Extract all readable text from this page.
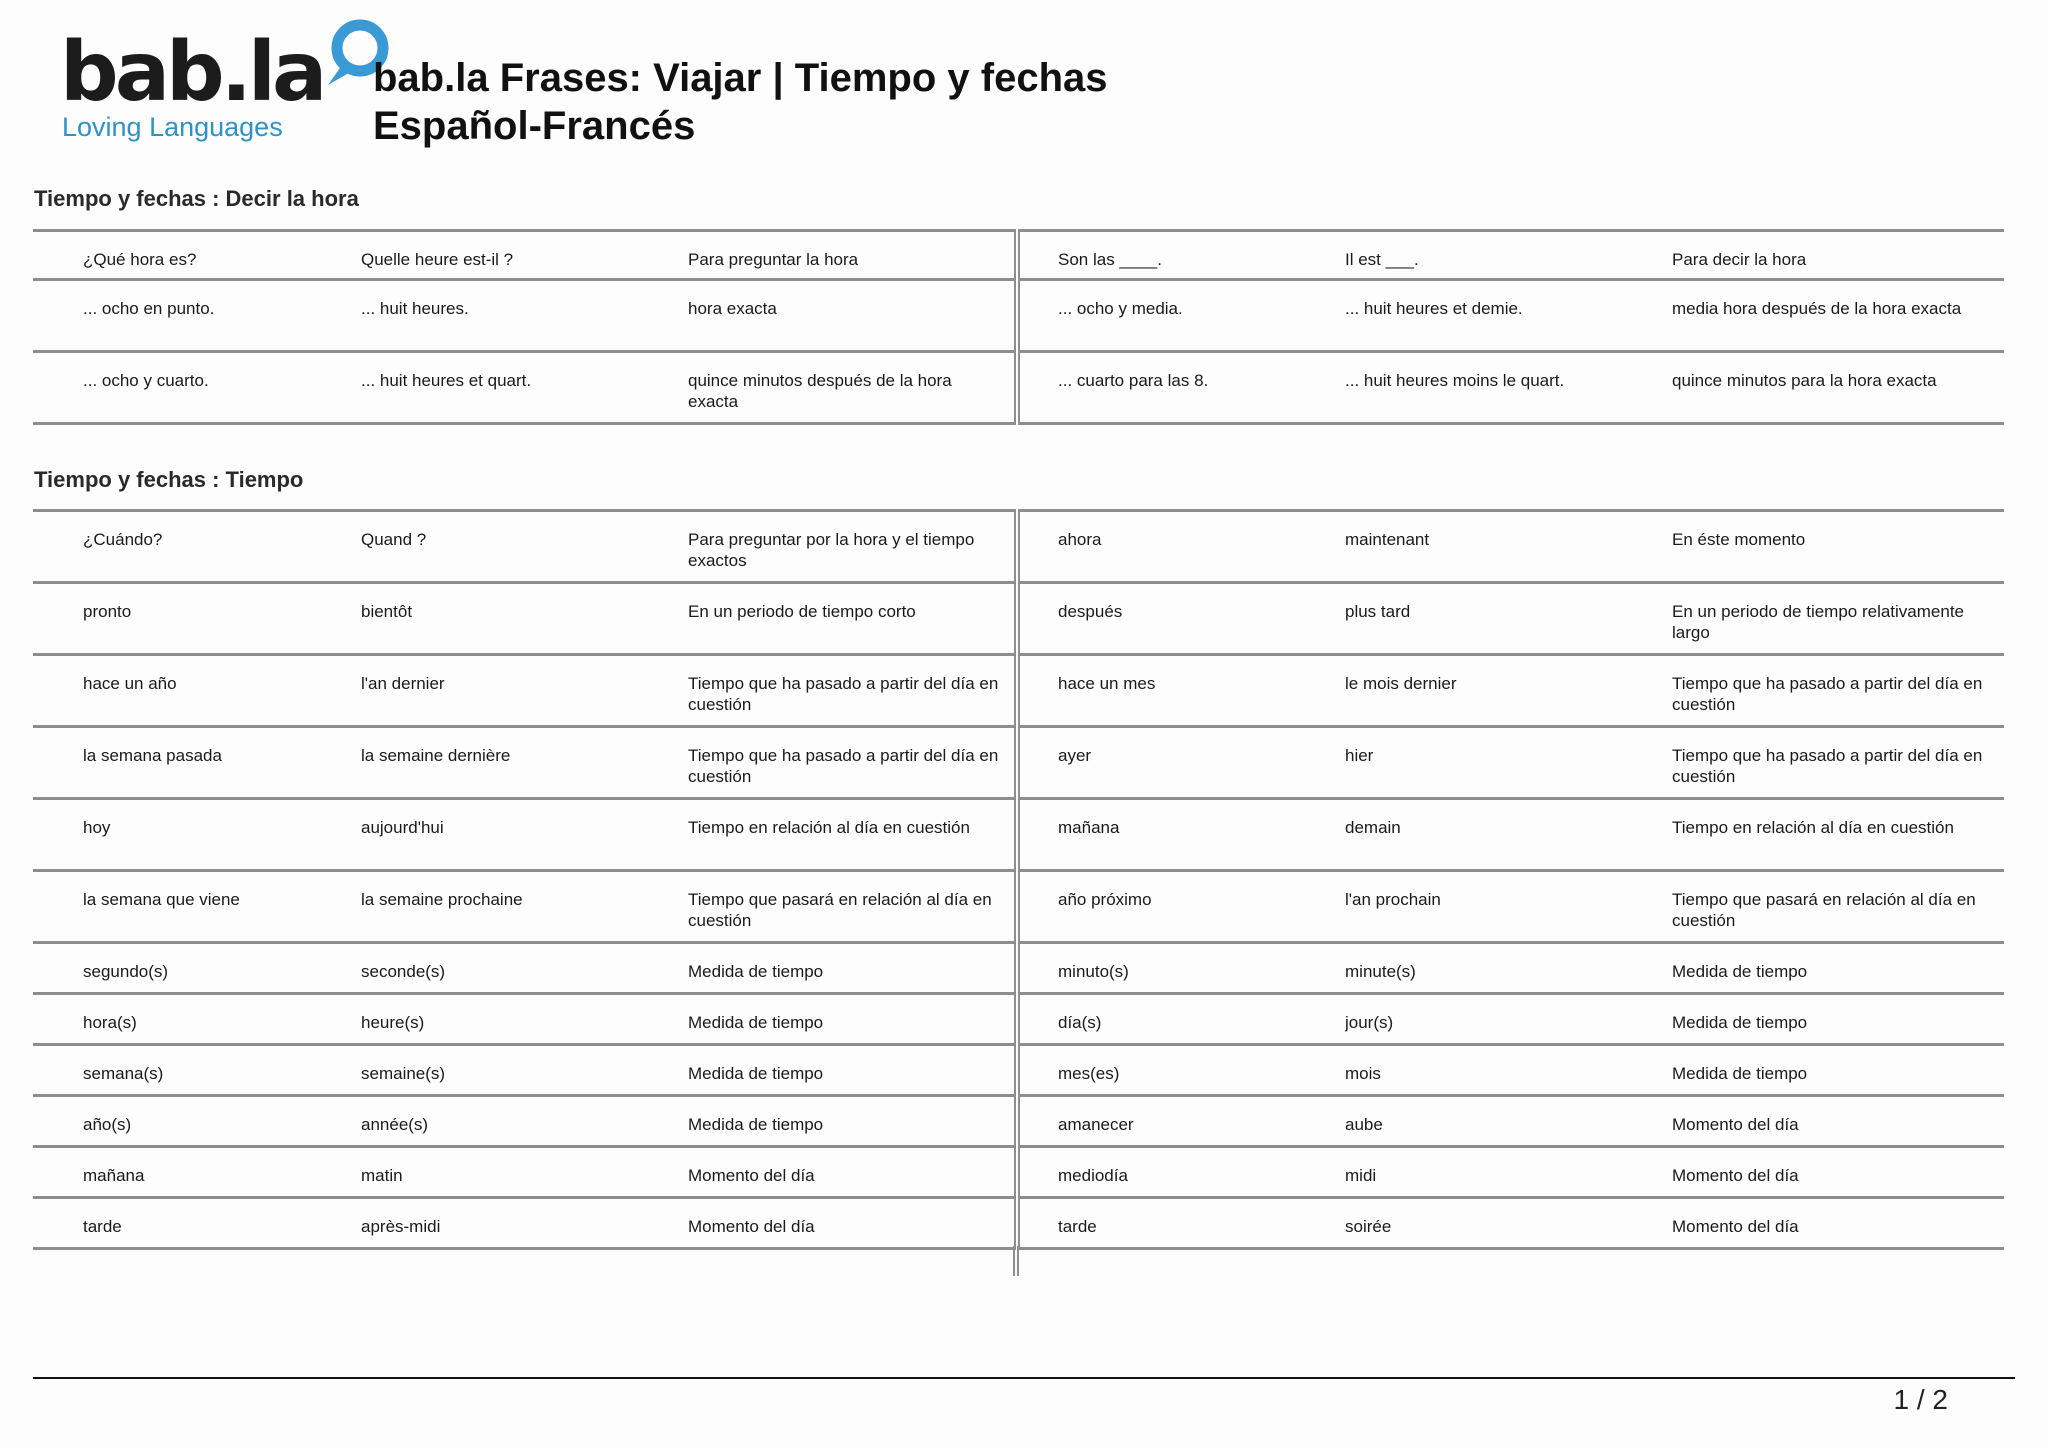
bab.la
Loving Languages
bab.la Frases: Viajar | Tiempo y fechas
Español-Francés
Tiempo y fechas : Decir la hora
¿Qué hora es?	Quelle heure est-il ?	Para preguntar la hora	Son las ____.	Il est ___.	Para decir la hora
... ocho en punto.	... huit heures.	hora exacta	... ocho y media.	... huit heures et demie.	media hora después de la hora exacta
... ocho y cuarto.	... huit heures et quart.	quince minutos después de la hora exacta	... cuarto para las 8.	... huit heures moins le quart.	quince minutos para la hora exacta
Tiempo y fechas : Tiempo
¿Cuándo?	Quand ?	Para preguntar por la hora y el tiempo exactos	ahora	maintenant	En éste momento
pronto	bientôt	En un periodo de tiempo corto	después	plus tard	En un periodo de tiempo relativamente largo
hace un año	l'an dernier	Tiempo que ha pasado a partir del día en cuestión	hace un mes	le mois dernier	Tiempo que ha pasado a partir del día en cuestión
la semana pasada	la semaine dernière	Tiempo que ha pasado a partir del día en cuestión	ayer	hier	Tiempo que ha pasado a partir del día en cuestión
hoy	aujourd'hui	Tiempo en relación al día en cuestión	mañana	demain	Tiempo en relación al día en cuestión
la semana que viene	la semaine prochaine	Tiempo que pasará en relación al día en cuestión	año próximo	l'an prochain	Tiempo que pasará en relación al día en cuestión
segundo(s)	seconde(s)	Medida de tiempo	minuto(s)	minute(s)	Medida de tiempo
hora(s)	heure(s)	Medida de tiempo	día(s)	jour(s)	Medida de tiempo
semana(s)	semaine(s)	Medida de tiempo	mes(es)	mois	Medida de tiempo
año(s)	année(s)	Medida de tiempo	amanecer	aube	Momento del día
mañana	matin	Momento del día	mediodía	midi	Momento del día
tarde	après-midi	Momento del día	tarde	soirée	Momento del día
1 / 2
